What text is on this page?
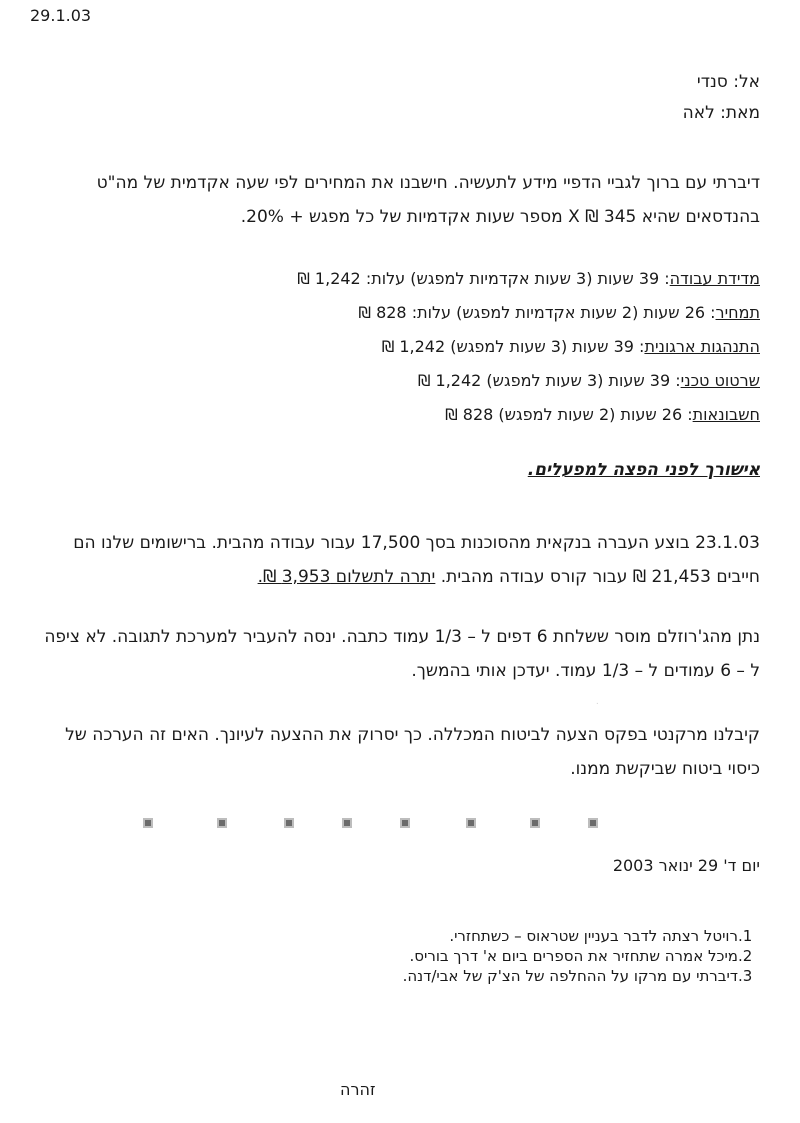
29.1.03
אל: סנדי
מאת: לאה
דיברתי עם ברוך לגביי הדפיי מידע לתעשיה. חישבנו את המחירים לפי שעה אקדמית של מה"ט בהנדסאים שהיא 345 ₪ X מספר שעות אקדמיות של כל מפגש + 20%.
מדידת עבודה: 39 שעות (3 שעות אקדמיות למפגש) עלות: 1,242 ₪
תמחיר: 26 שעות (2 שעות אקדמיות למפגש) עלות: 828 ₪
התנהגות ארגונית: 39 שעות (3 שעות למפגש) 1,242 ₪
שרטוט טכני: 39 שעות (3 שעות למפגש) 1,242 ₪
חשבונאות: 26 שעות (2 שעות למפגש) 828 ₪
אישורך לפני הפצה למפעלים.
23.1.03 בוצע העברה בנקאית מהסוכנות בסך 17,500 עבור עבודה מהבית. ברישומים שלנו הם חייבים 21,453 ₪ עבור קורס עבודה מהבית. יתרה לתשלום 3,953 ₪.
נתן מהג'רוזלם מוסר ששלחת 6 דפים ל – 1/3 עמוד כתבה. ינסה להעביר למערכת לתגובה. לא ציפה ל – 6 עמודים ל – 1/3 עמוד. יעדכן אותי בהמשך.
קיבלנו מרקנטי בפקס הצעה לביטוח המכללה. כך יסרוק את ההצעה לעיונך. האים זה הערכה של כיסוי ביטוח שביקשת ממנו.
יום ד' 29 ינואר 2003
1.רויטל רצתה לדבר בעניין שטראוס – כשתחזרי.
2.מיכל אמרה שתחזיר את הספרים ביום א' דרך בוריס.
3.דיברתי עם מרקו על ההחלפה של הצ'ק של אבי/דנה.
זהרה
